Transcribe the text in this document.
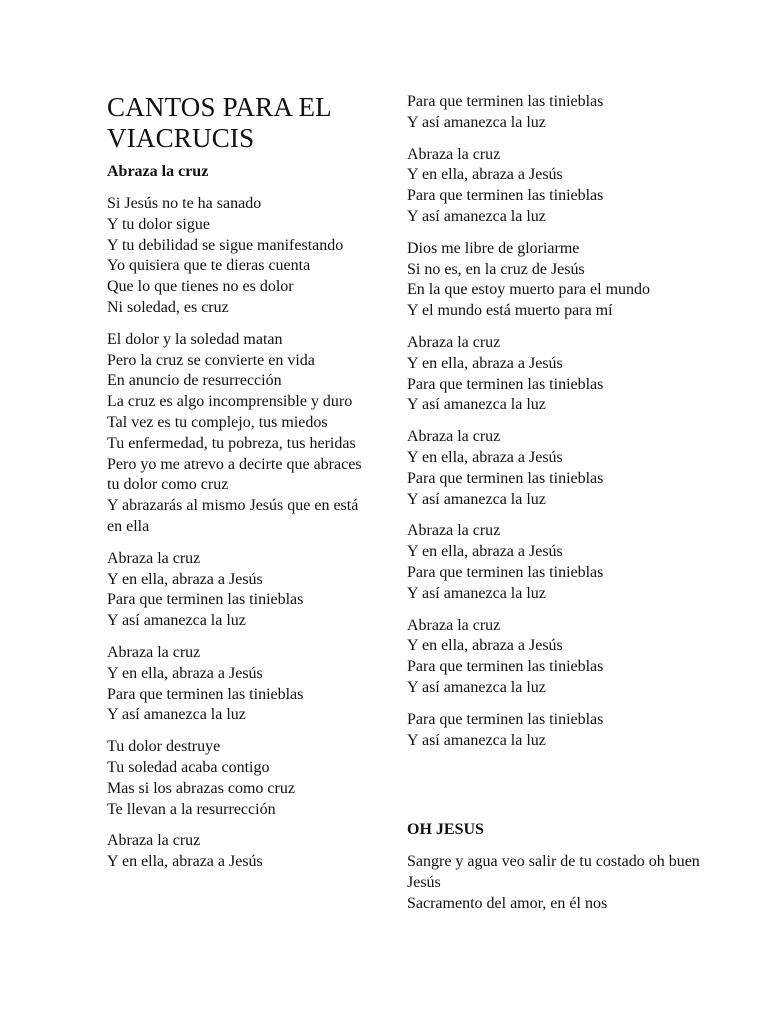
CANTOS PARA EL VIACRUCIS
Abraza la cruz
Si Jesús no te ha sanado
Y tu dolor sigue
Y tu debilidad se sigue manifestando
Yo quisiera que te dieras cuenta
Que lo que tienes no es dolor
Ni soledad, es cruz
El dolor y la soledad matan
Pero la cruz se convierte en vida
En anuncio de resurrección
La cruz es algo incomprensible y duro
Tal vez es tu complejo, tus miedos
Tu enfermedad, tu pobreza, tus heridas
Pero yo me atrevo a decirte que abraces tu dolor como cruz
Y abrazarás al mismo Jesús que en está en ella
Abraza la cruz
Y en ella, abraza a Jesús
Para que terminen las tinieblas
Y así amanezca la luz
Abraza la cruz
Y en ella, abraza a Jesús
Para que terminen las tinieblas
Y así amanezca la luz
Tu dolor destruye
Tu soledad acaba contigo
Mas si los abrazas como cruz
Te llevan a la resurrección
Abraza la cruz
Y en ella, abraza a Jesús
Para que terminen las tinieblas
Y así amanezca la luz
Abraza la cruz
Y en ella, abraza a Jesús
Para que terminen las tinieblas
Y así amanezca la luz
Dios me libre de gloriarme
Si no es, en la cruz de Jesús
En la que estoy muerto para el mundo
Y el mundo está muerto para mí
Abraza la cruz
Y en ella, abraza a Jesús
Para que terminen las tinieblas
Y así amanezca la luz
Abraza la cruz
Y en ella, abraza a Jesús
Para que terminen las tinieblas
Y así amanezca la luz
Abraza la cruz
Y en ella, abraza a Jesús
Para que terminen las tinieblas
Y así amanezca la luz
Abraza la cruz
Y en ella, abraza a Jesús
Para que terminen las tinieblas
Y así amanezca la luz
Para que terminen las tinieblas
Y así amanezca la luz
OH JESUS
Sangre y agua veo salir de tu costado oh buen Jesús
Sacramento del amor, en él nos
